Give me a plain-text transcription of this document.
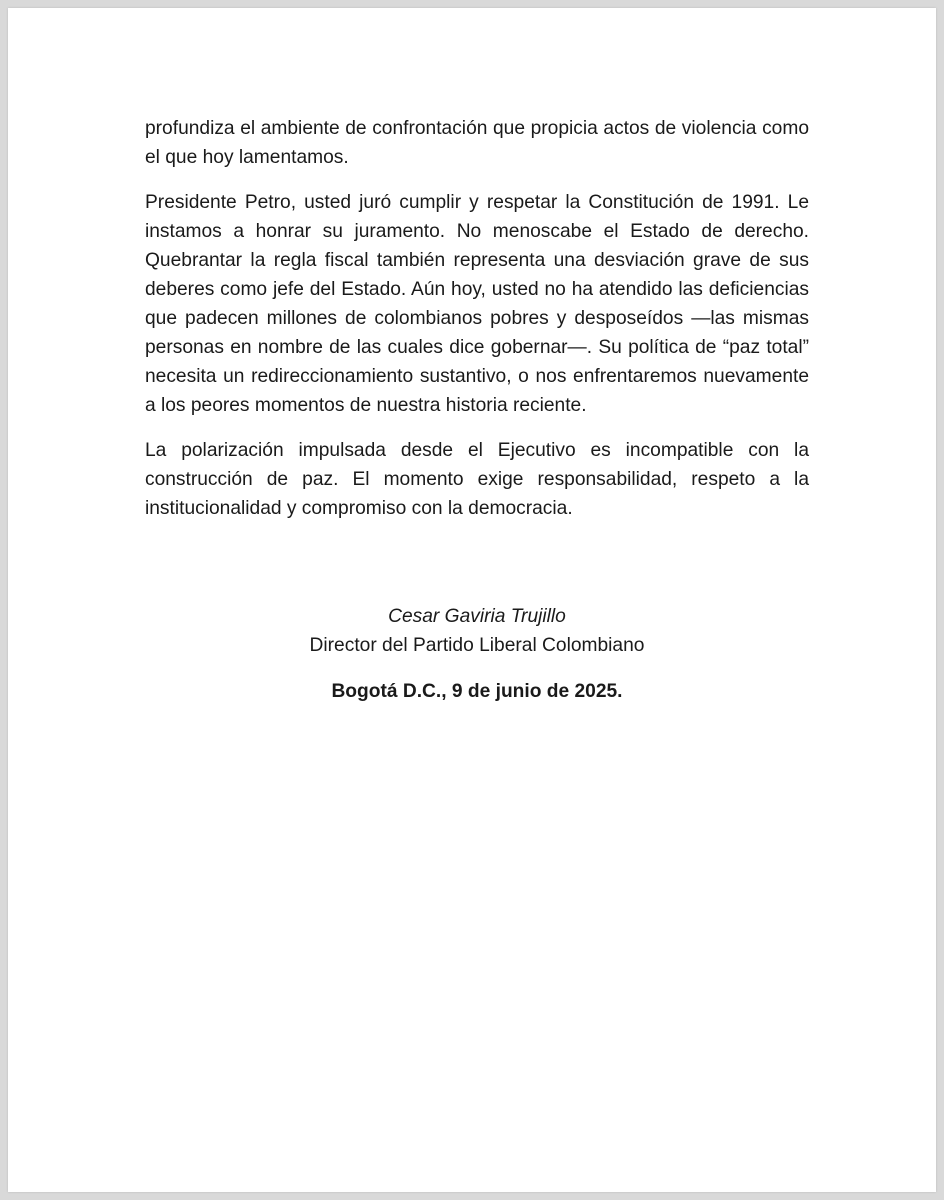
profundiza el ambiente de confrontación que propicia actos de violencia como el que hoy lamentamos.

Presidente Petro, usted juró cumplir y respetar la Constitución de 1991. Le instamos a honrar su juramento. No menoscabe el Estado de derecho. Quebrantar la regla fiscal también representa una desviación grave de sus deberes como jefe del Estado. Aún hoy, usted no ha atendido las deficiencias que padecen millones de colombianos pobres y desposeídos —las mismas personas en nombre de las cuales dice gobernar—. Su política de “paz total” necesita un redireccionamiento sustantivo, o nos enfrentaremos nuevamente a los peores momentos de nuestra historia reciente.

La polarización impulsada desde el Ejecutivo es incompatible con la construcción de paz. El momento exige responsabilidad, respeto a la institucionalidad y compromiso con la democracia.

Cesar Gaviria Trujillo
Director del Partido Liberal Colombiano
Bogotá D.C., 9 de junio de 2025.
